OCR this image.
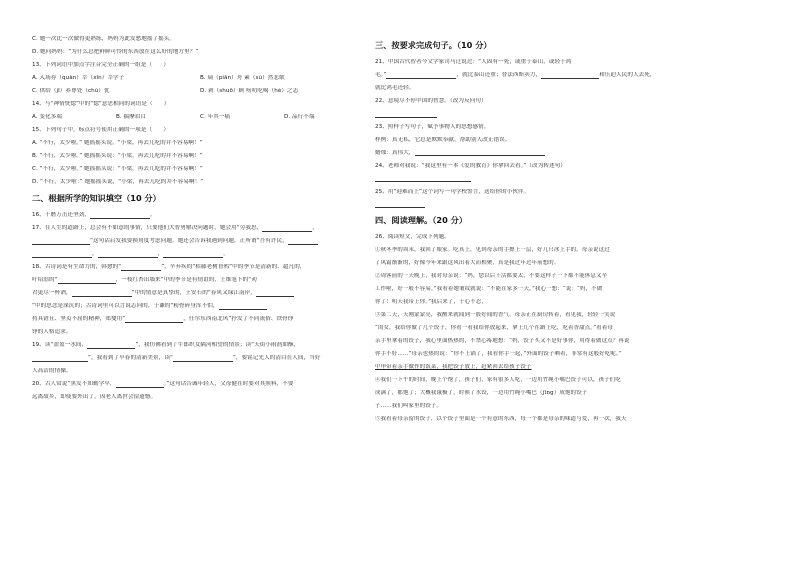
C. 她一次比一次做得更熟练，妈妈为此发愁地摇了摇头。
D. 她问妈妈：“为什么总把鲜鲜可怜的东西放在这么好的地方里？”
13、下列词语中加点字注音完全正确的一组是（　　）
A. 入场券（quàn）莘（xīn）莘学子	B. 扁（piān）舟 素（sù）然悲歌
C. 供给（jǐ）养尊处（chù）优	D. 剥（shuō）顾 唠叨吃喝（hè）之志
14、与“神情恍惚”中的“惚”意思相同的词语是（　　）
A. 变化多端	B. 揣摩眉目	C. 年其一痛	D. 品行不端
15、下列句子中，标点符号使用正确的一项是（　　）
A. “不行，太少啦。” 她摇摇头说，“小梁，再去儿吃的并不容易啊！”
B. “不行，太少啦。” 她摇摇头说：“小梁，再去儿吃的并不容易啊！”
C. “不行，太少啦。” 她摇摇头说：“小梁，再去儿吃的并不容易啊！”
D. “不行，太少啦：” 她摇摇头说，“小梁，再去儿吃的并不容易啊！”
二、根据所学的知识填空（10 分）
16、千磨万击还坚劲，	。
17、在人生的道路上，总会有不如意的事情，只要他们大智勇解决问题时，她会用“劳我思，	，
”这句话启发我要换角度考虑问题。她还会告诉我遇到问题，正所谓“吾有许民，
，	，	。
18、古诗词是有生命力的，韩愈的“	”，辛弃疾的“枯藤老树昏鸦”中的季节是清新的、超凡的，
叶绍翁的“	，一枝红杏出墙来”中的季节是有情谊的，王维笔下的“劝
君更尽一杯酒，	”中的情意是真挚的，王安石的“春风又绿江南岸，
”中的思念是深沉的；古诗词里可以言说志向的，于谦的“粉骨碎身浑不怕，
持具错且、坚贞不屈的精神，郑燮用“	，任尔东西南北风”抒发了不同流俗、铁骨铮
铮的人格追求。
19、读“盈盈一水间，	”，我仿佛看到了牛郎织女隔河相望的情景；读“天街小雨润如酥，
”，我看到了早春的清新美景，读“	”，要铭记先人的清白在人间，当好
人高洁的情操。
20、古人常说“黑发不知勤学早，	。”这句话告诫年轻人，父母健在时要对其照料，不要
远离故乡，即使要外出了，因老人离世会留遗憾。
三、按要求完成句子。（10 分）
21、中国古代智者今文学家司马迁说过：“人固有一死，或重于泰山，或轻于鸿
毛。”	，就比泰山还重；替法西斯卖力，	和压迫人民的人去死，
就比鸿毛还轻。
22、意境尽不停中国的智慧。（改为反问句）
23、照样子写句子，赋予事物人的思想感情。
样例：真无私，它总是默默奉献，帮助别人改正错误。
蜡烛：真伟大，
24、老师对我说：“我这里有一本《爱的教育》你拿回去看。”（改为转述句）
25、用“迎难而上”这个词写一句学校警言，送给你的小伙伴。
四、阅读理解。（20 分）
26、阅读短文，完成下列题。
①秋冬季的周末，我回了娘家。吃真上，见到母亲的手擦上一层，好几只冰上手的。母亲说这过
了风霜渐渐的，好像今年来跟这风出着大而相聚，真是我过年过年前想的。
②周客前的一天晚上，我对母亲说：“妈，您以后干活都要太，不要这样子一下都不能休息又辛
工作啦，好一般不容易。”我看着她皱纹就说：“不能在家多一天，”我心一想：“说：“妈，不做
你了！明天我带上你。”我后来了，于心不忍，
③第二天，天刚蒙蒙亮，我醒来就闻到一股好闻的香气。母亲正在厨房转着，看见我，轻轻一笑说
“闺女，我给你做了几个饺子，你看一看我给你放起来，拿上几个在路上吃，吃着香甜点。”看着母
亲手里拿着的饺子，我心里面热热的，不禁心疼地想：“妈，饺子买又不是好事你，用得着做这点？再说
你手不好……”母亲也热的说：“你不上锅了，我看你手一起，”外面的饺子晒着，非常有这般好吃呢。”
中申带着亲手做作的饭菜，我把饺子放上，赶紧回去给孩子饺子
④我们一下午的时间，晚上个饱了，孩子们，家有很多人吃，一边用竹绳小嘴巴饺子可以，孩子们吃
成满了，都饱了；大概我饿极了，时候了水饺，一边用竹绳小嘴巴（jīng）成饱的饺子
子……我们叫家里的饺子。
⑤我看着母亲留的饺子，以个饺子里面是一个有意的东西，每一个都是母亲的味道与爱，再一次，我天
